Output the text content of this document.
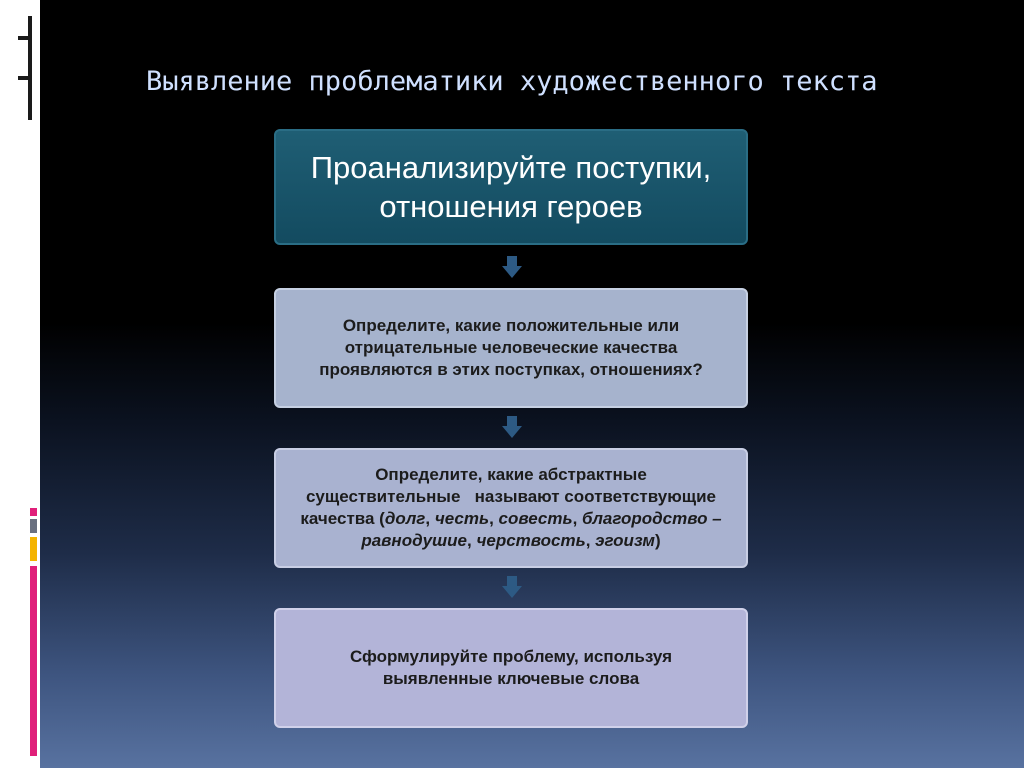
Выявление проблематики художественного текста
Проанализируйте поступки,
отношения героев
Определите, какие положительные или
отрицательные человеческие качества
проявляются в этих поступках, отношениях?
Определите, какие абстрактные
существительные   называют соответствующие
качества (долг, честь, совесть, благородство –
равнодушие, черствость, эгоизм)
Сформулируйте проблему, используя
выявленные ключевые слова
